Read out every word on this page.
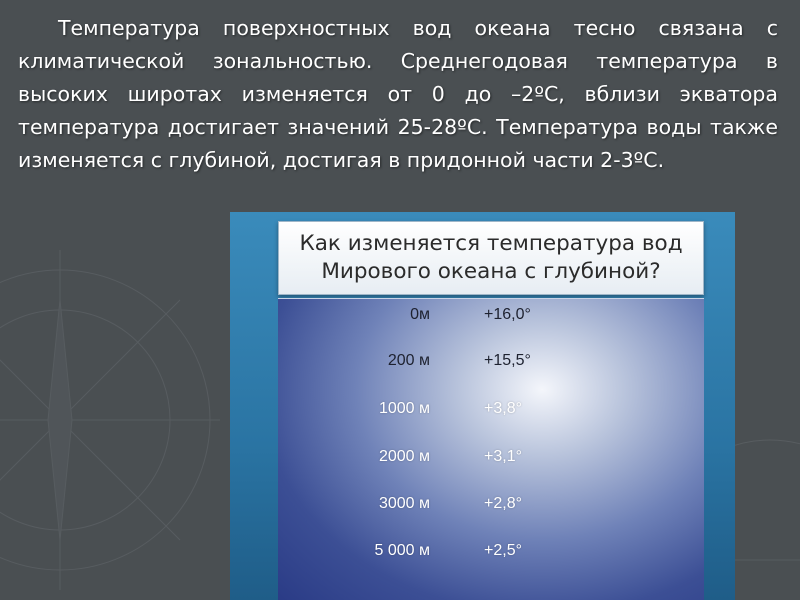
Температура поверхностных вод океана тесно связана с климатической зональностью. Среднегодовая температура в высоких широтах изменяется от 0 до –2ºС, вблизи экватора температура достигает значений 25-28ºС. Температура воды также изменяется с глубиной, достигая в придонной части 2-3ºС.

Как изменяется температура вод
Мирового океана с глубиной?
0м	+16,0°
200 м	+15,5°
1000 м	+3,8°
2000 м	+3,1°
3000 м	+2,8°
5 000 м	+2,5°
